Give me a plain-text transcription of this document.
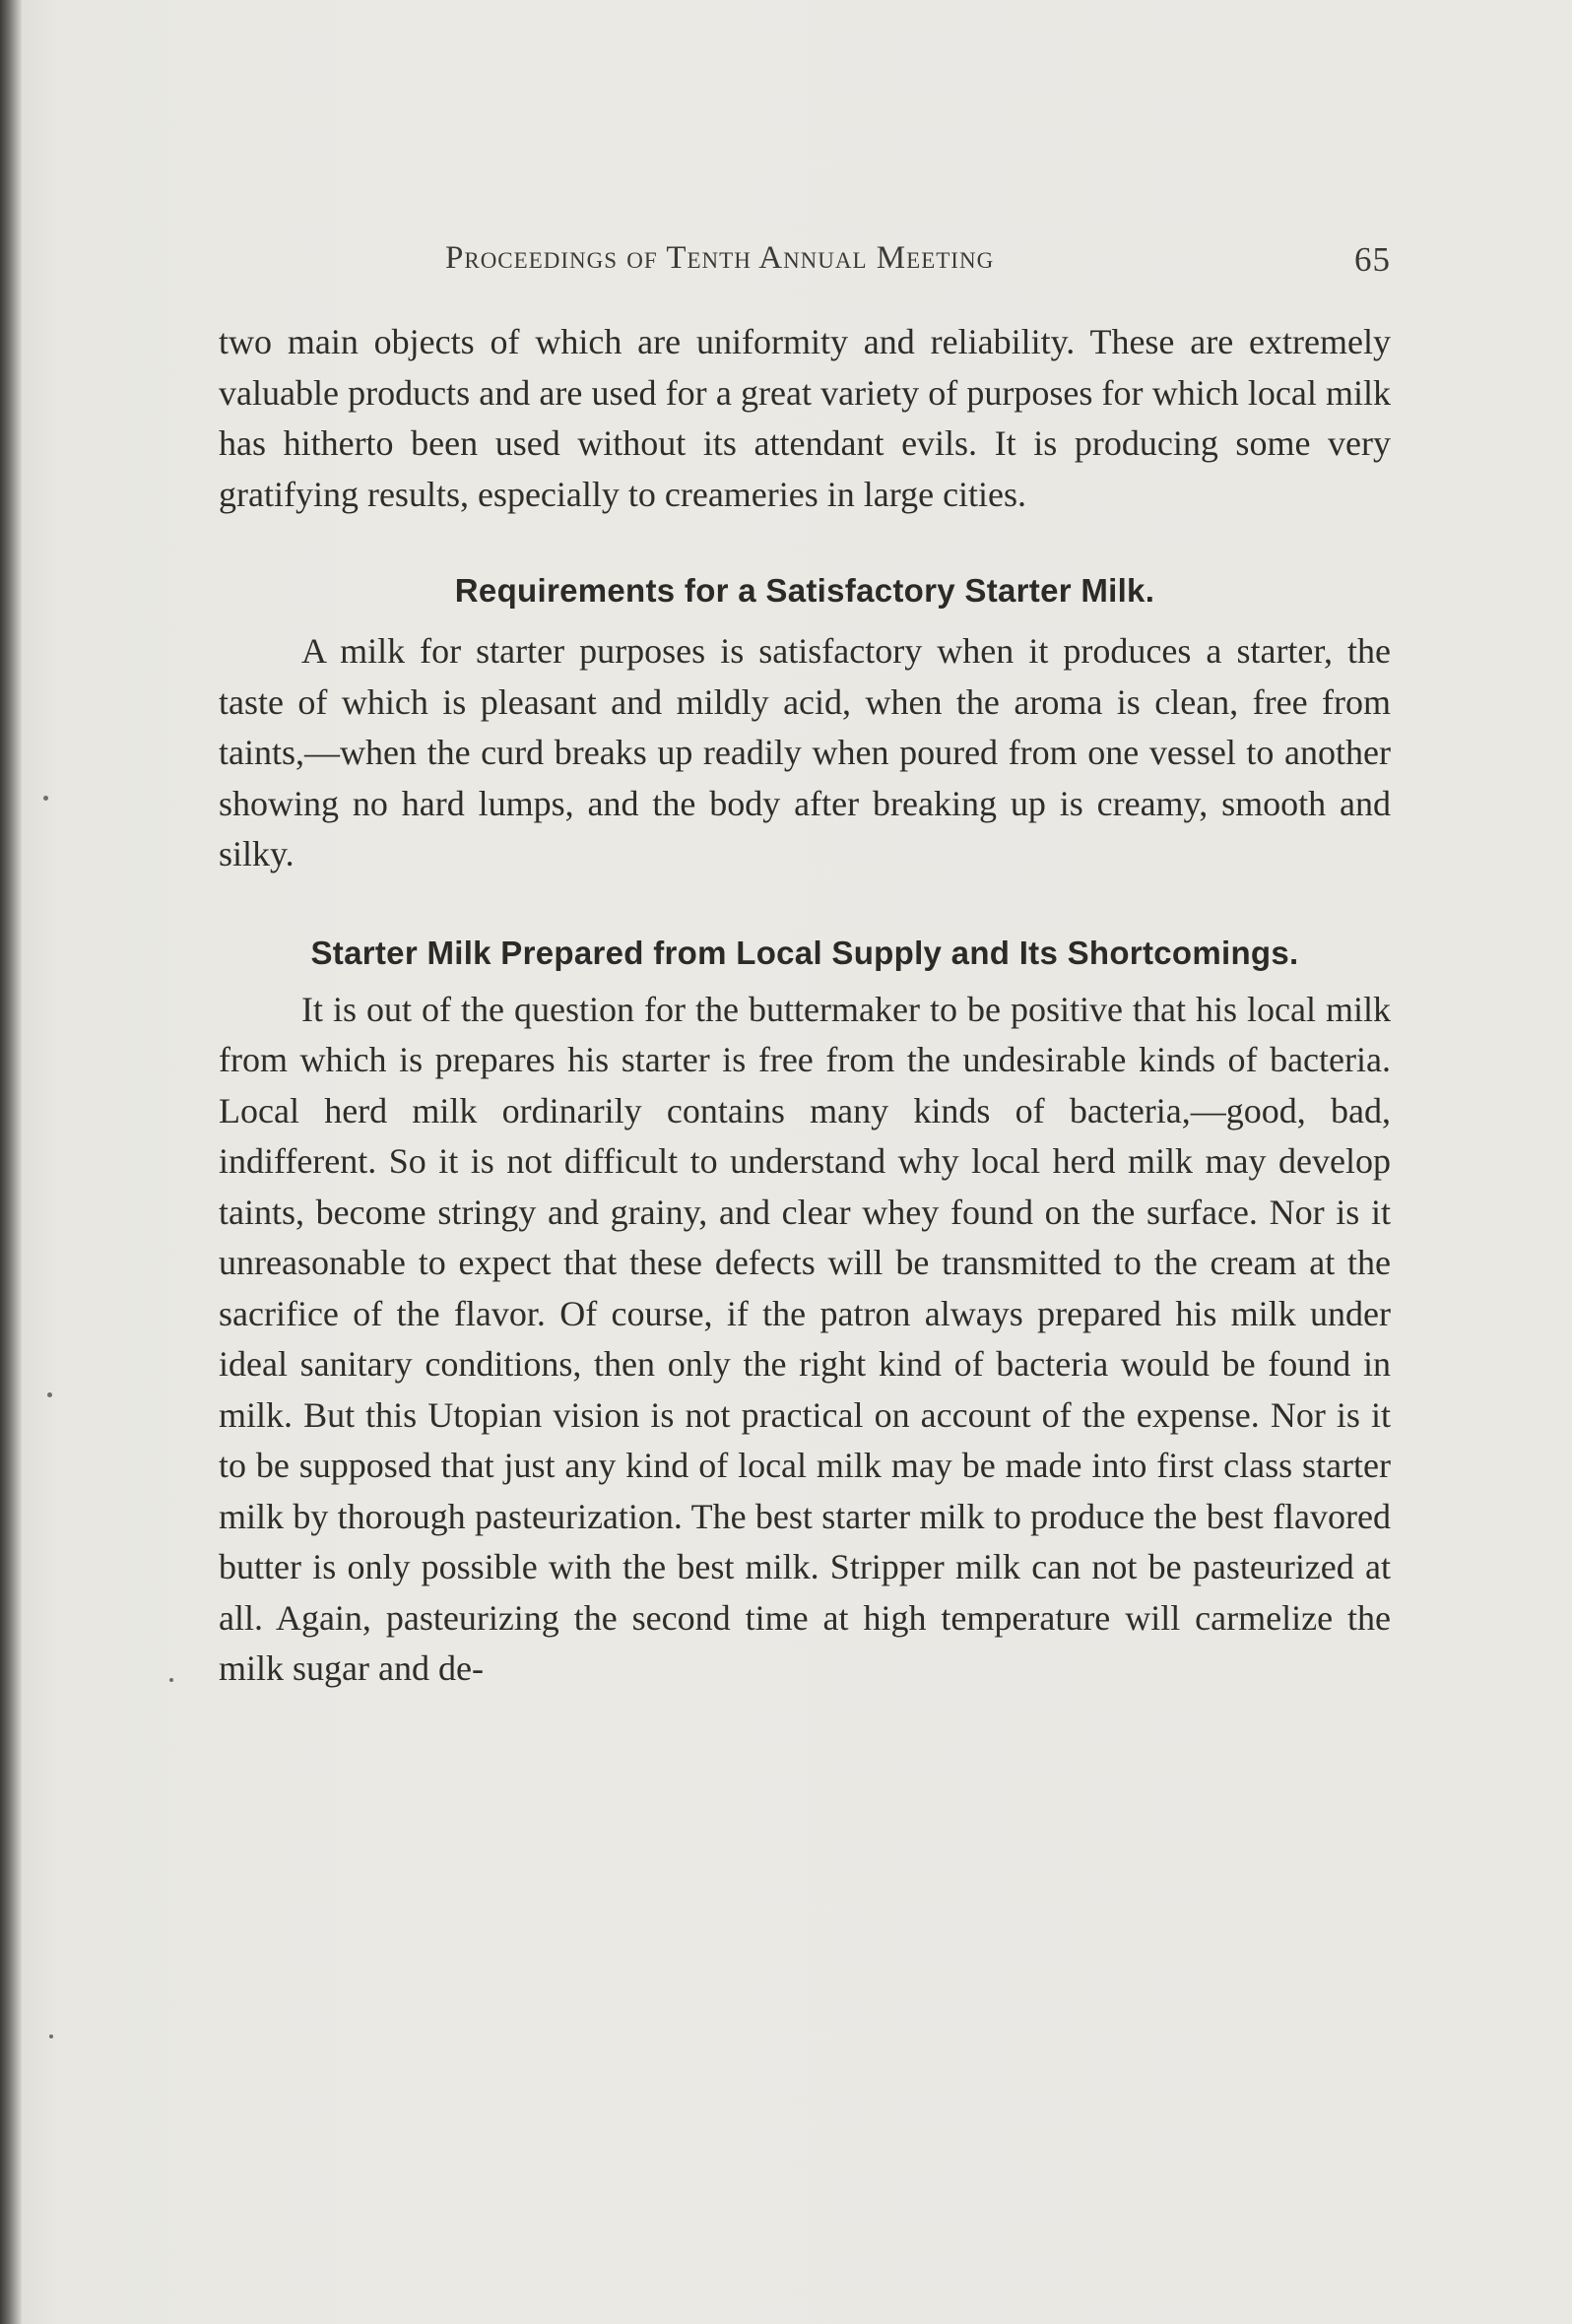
Proceedings of Tenth Annual Meeting	65

two main objects of which are uniformity and reliability. These are extremely valuable products and are used for a great variety of purposes for which local milk has hitherto been used without its attendant evils. It is producing some very gratifying results, especially to creameries in large cities.

Requirements for a Satisfactory Starter Milk.

A milk for starter purposes is satisfactory when it produces a starter, the taste of which is pleasant and mildly acid, when the aroma is clean, free from taints,—when the curd breaks up readily when poured from one vessel to another showing no hard lumps, and the body after breaking up is creamy, smooth and silky.

Starter Milk Prepared from Local Supply and Its Shortcomings.

It is out of the question for the buttermaker to be positive that his local milk from which is prepares his starter is free from the undesirable kinds of bacteria. Local herd milk ordinarily contains many kinds of bacteria,—good, bad, indifferent. So it is not difficult to understand why local herd milk may develop taints, become stringy and grainy, and clear whey found on the surface. Nor is it unreasonable to expect that these defects will be transmitted to the cream at the sacrifice of the flavor. Of course, if the patron always prepared his milk under ideal sanitary conditions, then only the right kind of bacteria would be found in milk. But this Utopian vision is not practical on account of the expense. Nor is it to be supposed that just any kind of local milk may be made into first class starter milk by thorough pasteurization. The best starter milk to produce the best flavored butter is only possible with the best milk. Stripper milk can not be pasteurized at all. Again, pasteurizing the second time at high temperature will carmelize the milk sugar and de-
